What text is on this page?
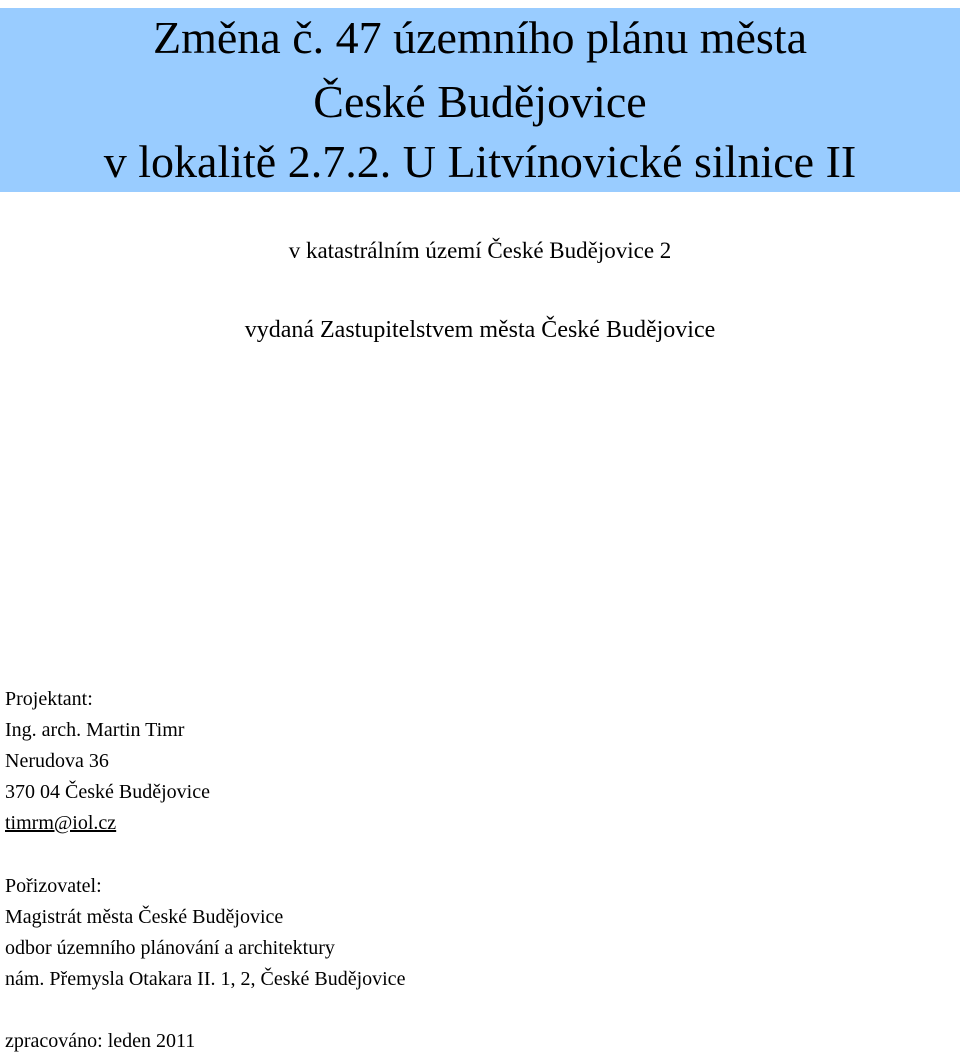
Změna č. 47 územního plánu města
České Budějovice
v lokalitě 2.7.2. U Litvínovické silnice II

v katastrálním území České Budějovice 2

vydaná Zastupitelstvem města České Budějovice

Projektant:
Ing. arch. Martin Timr
Nerudova 36
370 04 České Budějovice
timrm@iol.cz
Pořizovatel:
Magistrát města České Budějovice
odbor územního plánování a architektury
nám. Přemysla Otakara II. 1, 2, České Budějovice
zpracováno: leden 2011
